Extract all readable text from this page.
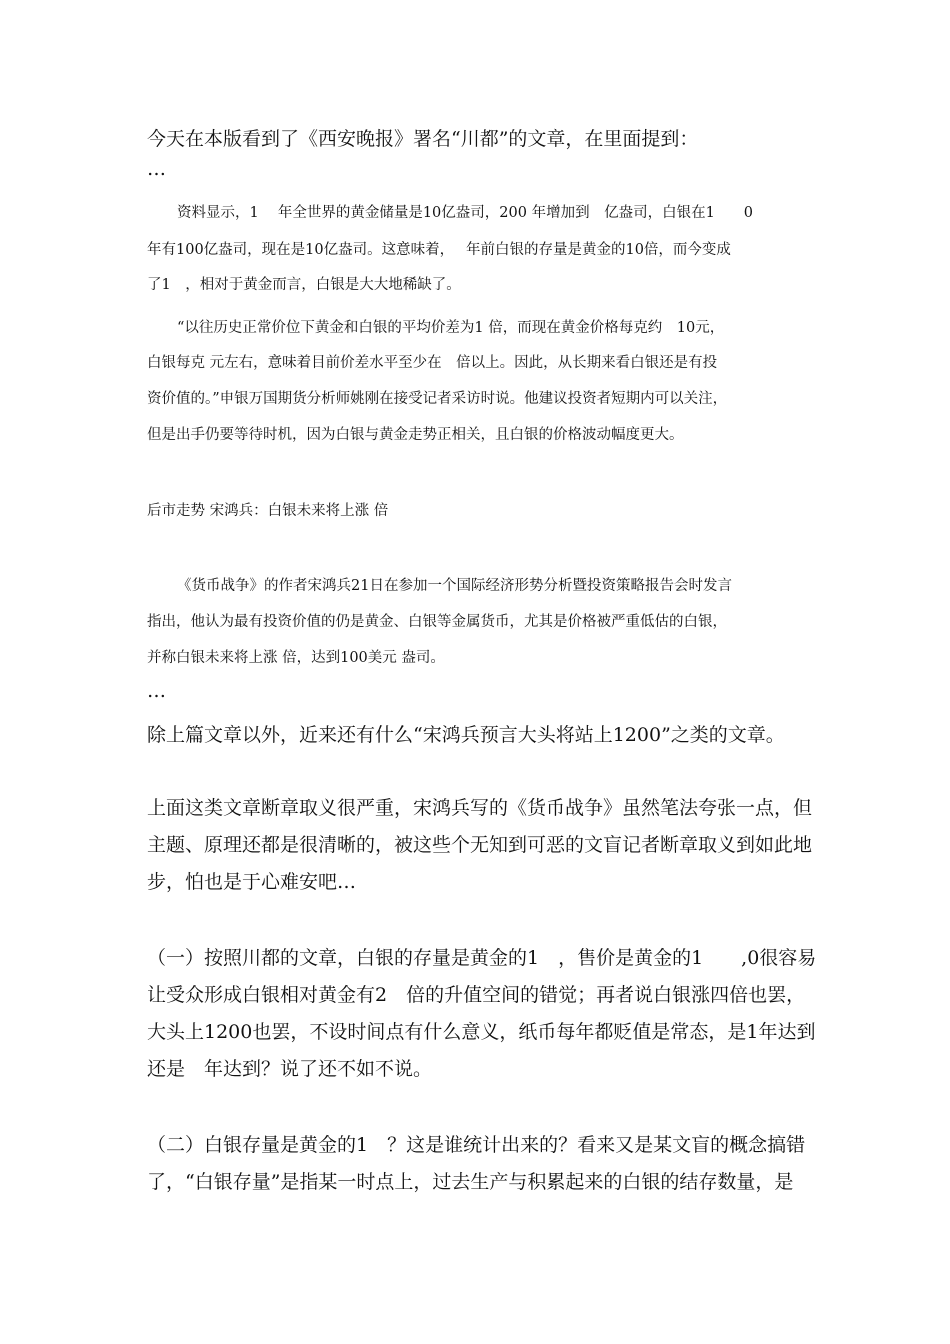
今天在本版看到了《西安晚报》署名“川都”的文章，在里面提到：
…
资料显示，1　 年全世界的黄金储量是10亿盎司，200 年增加到　亿盎司，白银在1　　0
年有100亿盎司，现在是10亿盎司。这意味着，　 年前白银的存量是黄金的10倍，而今变成
了1　，相对于黄金而言，白银是大大地稀缺了。
“以往历史正常价位下黄金和白银的平均价差为1 倍，而现在黄金价格每克约　10元，
白银每克 元左右，意味着目前价差水平至少在　倍以上。因此，从长期来看白银还是有投
资价值的。”申银万国期货分析师姚刚在接受记者采访时说。他建议投资者短期内可以关注，
但是出手仍要等待时机，因为白银与黄金走势正相关，且白银的价格波动幅度更大。
后市走势 宋鸿兵：白银未来将上涨 倍
《货币战争》的作者宋鸿兵21日在参加一个国际经济形势分析暨投资策略报告会时发言
指出，他认为最有投资价值的仍是黄金、白银等金属货币，尤其是价格被严重低估的白银，
并称白银未来将上涨 倍，达到100美元 盎司。
…
除上篇文章以外，近来还有什么“宋鸿兵预言大头将站上1200”之类的文章。
上面这类文章断章取义很严重，宋鸿兵写的《货币战争》虽然笔法夸张一点，但
主题、原理还都是很清晰的，被这些个无知到可恶的文盲记者断章取义到如此地
步，怕也是于心难安吧…
（一）按照川都的文章，白银的存量是黄金的1　，售价是黄金的1　　,0很容易
让受众形成白银相对黄金有2　倍的升值空间的错觉；再者说白银涨四倍也罢，
大头上1200也罢，不设时间点有什么意义，纸币每年都贬值是常态，是1年达到
还是　年达到？说了还不如不说。
（二）白银存量是黄金的1　？这是谁统计出来的？看来又是某文盲的概念搞错
了，“白银存量”是指某一时点上，过去生产与积累起来的白银的结存数量，是
